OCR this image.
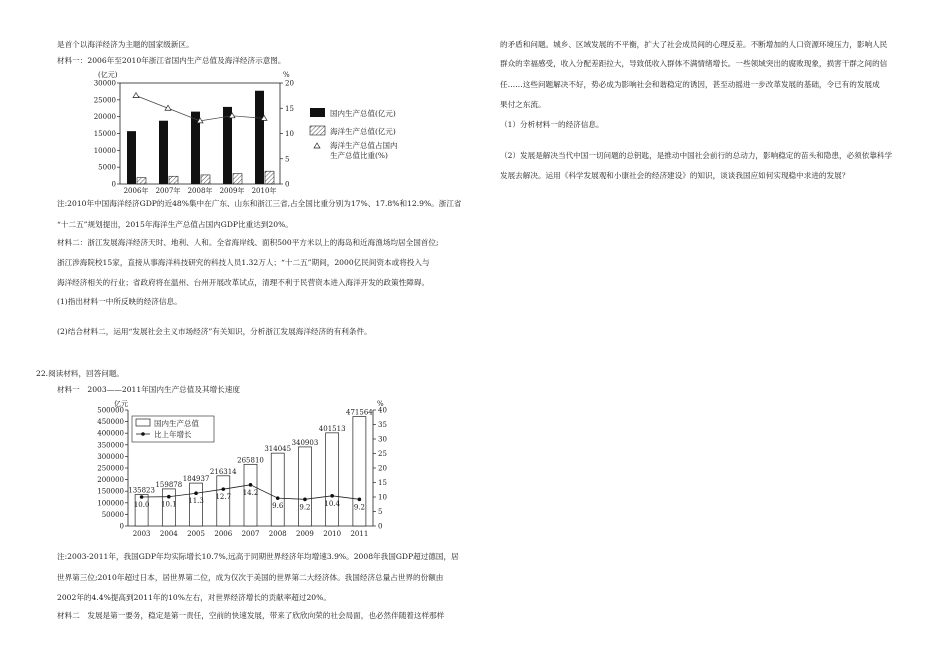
是首个以海洋经济为主题的国家级新区。
材料一：2006年至2010年浙江省国内生产总值及海洋经济示意图。
(亿元)	%
0
5000
10000
15000
20000
25000
30000
0
5
10
15
20
2006年 2007年 2008年 2009年 2010年
国内生产总值(亿元)
海洋生产总值(亿元)
海洋生产总值占国内
生产总值比重(%)
注:2010年中国海洋经济GDP的近48%集中在广东、山东和浙江三省,占全国比重分别为17%、17.8%和12.9%。浙江省
“十二五”规划提出，2015年海洋生产总值占国内GDP比重达到20%。
材料二：浙江发展海洋经济天时、地利、人和。全省海岸线、面积500平方米以上的海岛和近海渔场均居全国首位;
浙江涉海院校15家，直接从事海洋科技研究的科技人员1.32万人；“十二五”期间，2000亿民间资本或将投入与
海洋经济相关的行业；省政府将在温州、台州开展改革试点，清理不利于民营资本进入海洋开发的政策性障碍。
(1)指出材料一中所反映的经济信息。
(2)结合材料二，运用“发展社会主义市场经济”有关知识，分析浙江发展海洋经济的有利条件。
22.阅读材料，回答问题。
材料一　2003——2011年国内生产总值及其增长速度
亿元	%
0
50000
100000
150000
200000
250000
300000
350000
400000
450000
500000
0
5
10
15
20
25
30
35
40
135823
2003
159878
2004
184937
2005
216314
2006
265810
2007
314045
2008
340903
2009
401513
2010
471564
2011
10.0 10.1 11.3
12.7
14.2
9.6 9.2 10.4 9.2
国内生产总值
比上年增长
注:2003-2011年，我国GDP年均实际增长10.7%,远高于同期世界经济年均增速3.9%。2008年我国GDP超过德国，居
世界第三位;2010年超过日本，居世界第二位，成为仅次于美国的世界第二大经济体。我国经济总量占世界的份额由
2002年的4.4%提高到2011年的10%左右，对世界经济增长的贡献率超过20%。
材料二　发展是第一要务，稳定是第一责任，空前的快速发展，带来了欣欣向荣的社会局面，也必然伴随着这样那样
的矛盾和问题。城乡、区域发展的不平衡，扩大了社会成员间的心理反差。不断增加的人口资源环境压力，影响人民
群众的幸福感受，收入分配差距拉大，导致低收入群体不满情绪增长。一些领域突出的腐败现象，损害干群之间的信
任……这些问题解决不好，势必成为影响社会和谐稳定的诱因，甚至动摇进一步改革发展的基础，令已有的发展成
果付之东流。
（1）分析材料一的经济信息。
（2）发展是解决当代中国一切问题的总钥匙，是推动中国社会前行的总动力，影响稳定的苗头和隐患，必须依靠科学
发展去解决。运用《科学发展观和小康社会的经济建设》的知识，谈谈我国应如何实现稳中求进的发展？
